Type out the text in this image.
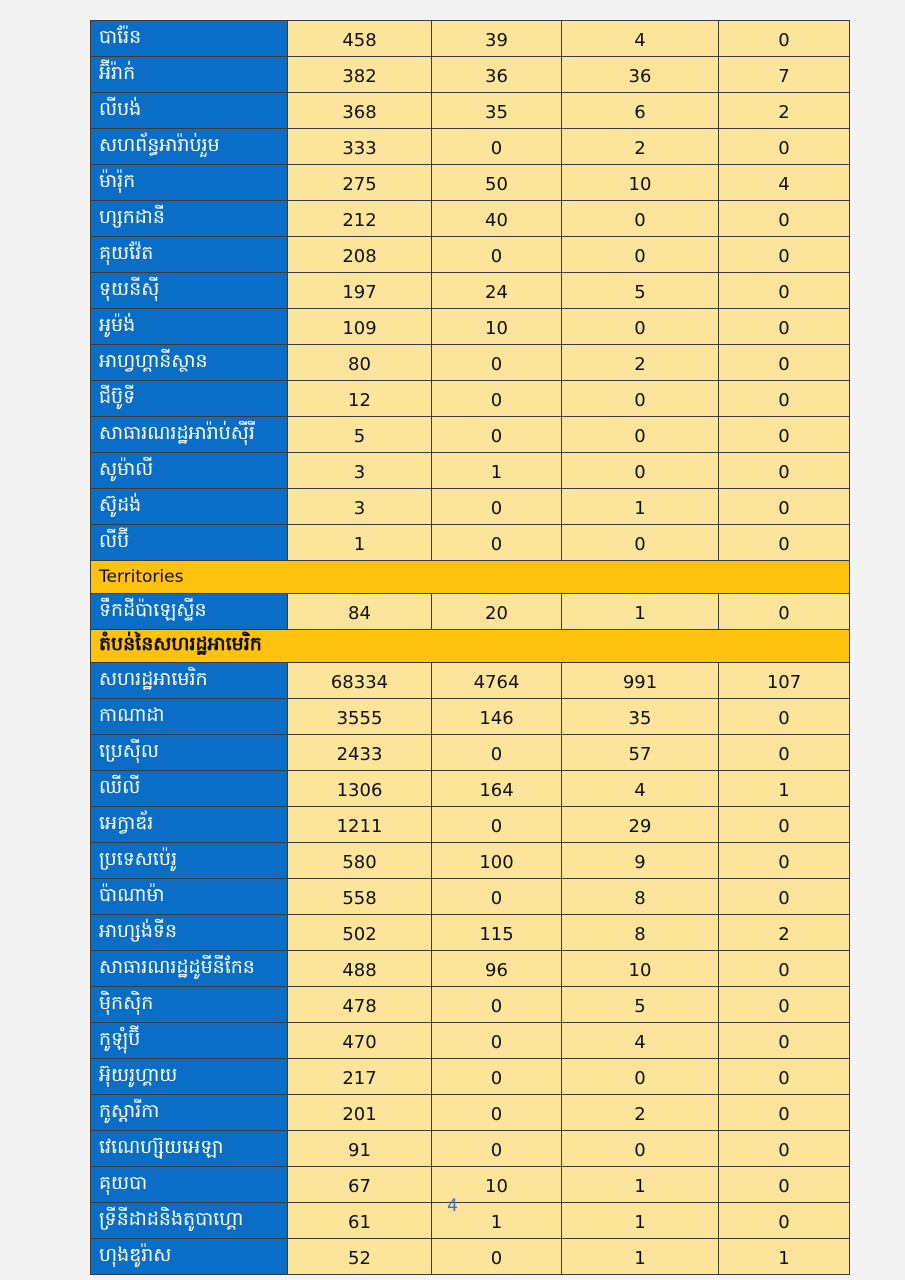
បារ៉ែន	458	39	4	0
អ៊ីរ៉ាក់	382	36	36	7
លីបង់	368	35	6	2
សហព័ន្ធអារ៉ាប់រួម	333	0	2	0
ម៉ារ៉ុក	275	50	10	4
ហ្សកដានី	212	40	0	0
គុយវ៉ែត	208	0	0	0
ទុយនីស៊ី	197	24	5	0
អូម៉ង់	109	10	0	0
អាហ្វហ្គានីស្ថាន	80	0	2	0
ជីប៊ូទី	12	0	0	0
សាធារណរដ្ឋអារ៉ាប់ស៊ីរី	5	0	0	0
សូម៉ាលី	3	1	0	0
ស៊ូដង់	3	0	1	0
លីប៊ី	1	0	0	0
Territories				
ទឹកដីប៉ាឡេស្ទីន	84	20	1	0
តំបន់នៃសហរដ្ឋអាមេរិក				
សហរដ្ឋអាមេរិក	68334	4764	991	107
កាណាដា	3555	146	35	0
ប្រេស៊ីល	2433	0	57	0
ឈីលី	1306	164	4	1
អេក្វាឌ័រ	1211	0	29	0
ប្រទេសប៉េរូ	580	100	9	0
ប៉ាណាម៉ា	558	0	8	0
អាហ្សង់ទីន	502	115	8	2
សាធារណរដ្ឋដូមីនីកែន	488	96	10	0
ម៉ិកស៊ិក	478	0	5	0
កូឡុំប៊ី	470	0	4	0
អ៊ុយរូហ្គាយ	217	0	0	0
កូស្តារីកា	201	0	2	0
វេណេហ្ស៊ុយអេឡា	91	0	0	0
គុយបា	67	10	1	0
ទ្រីនីដាដនិងតូបាហ្គោ	61	1	1	0
ហុងឌូរ៉ាស	52	0	1	1
4
